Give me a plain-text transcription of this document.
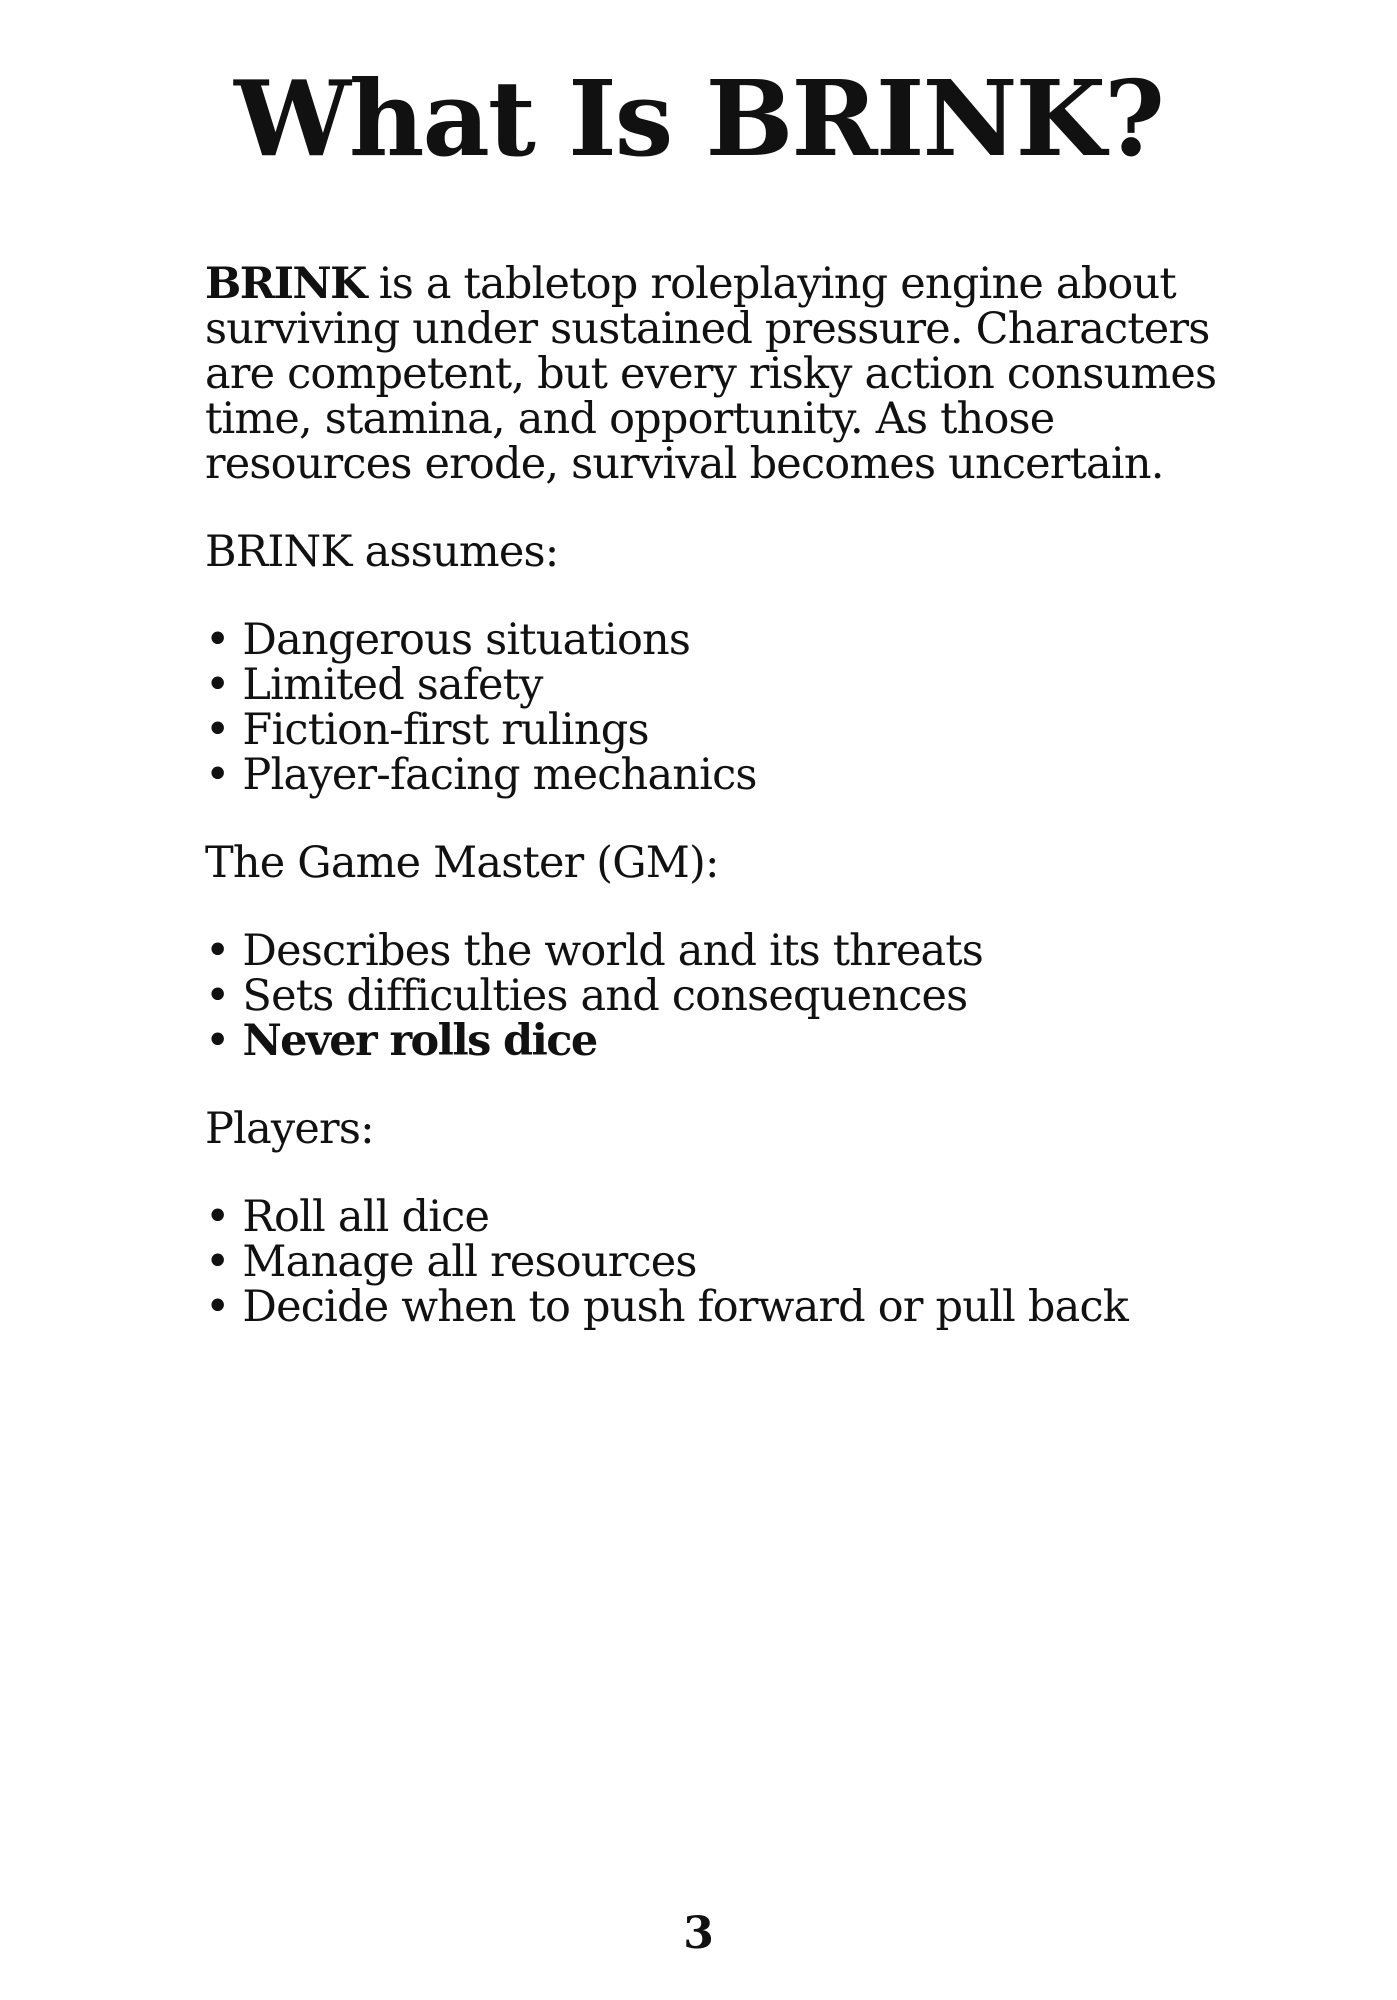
What Is BRINK?

BRINK is a tabletop roleplaying engine about surviving under sustained pressure. Characters are competent, but every risky action consumes time, stamina, and opportunity. As those resources erode, survival becomes uncertain.

BRINK assumes:

• Dangerous situations
• Limited safety
• Fiction-first rulings
• Player-facing mechanics

The Game Master (GM):

• Describes the world and its threats
• Sets difficulties and consequences
• Never rolls dice

Players:

• Roll all dice
• Manage all resources
• Decide when to push forward or pull back
3
